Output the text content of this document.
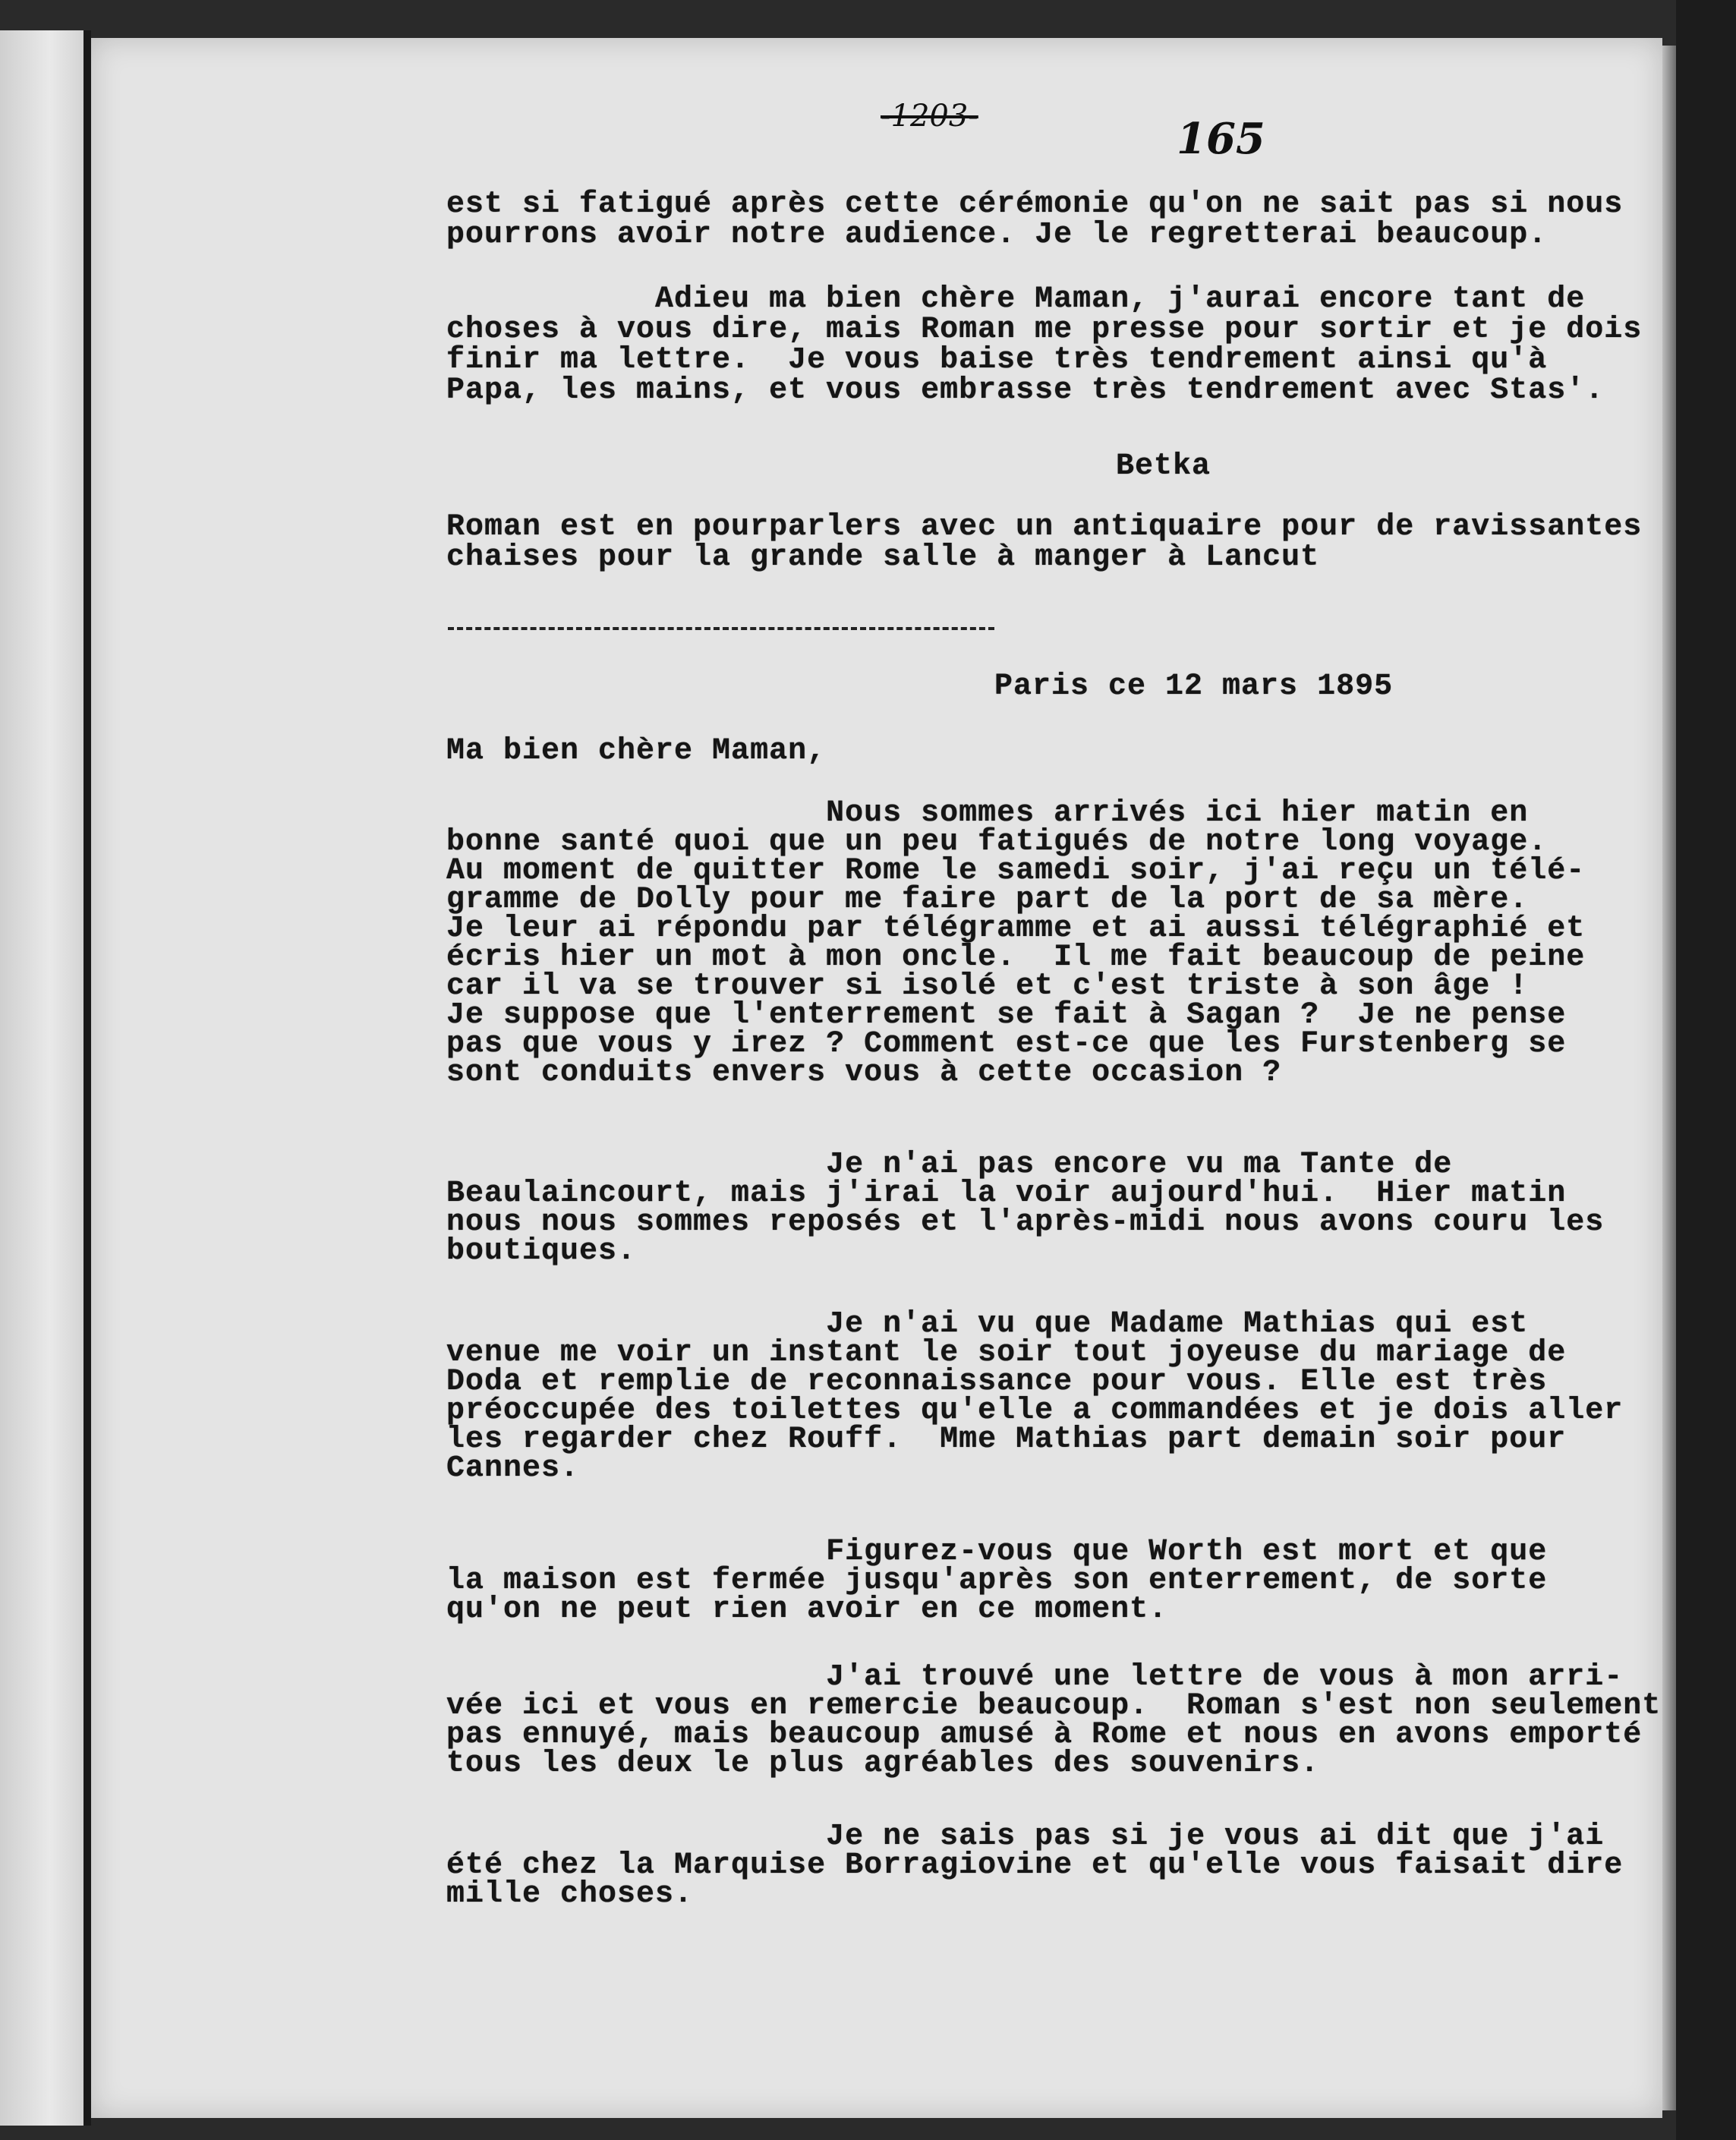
-1203-	165
est si fatigué après cette cérémonie qu'on ne sait pas si nous
pourrons avoir notre audience. Je le regretterai beaucoup.
Adieu ma bien chère Maman, j'aurai encore tant de
choses à vous dire, mais Roman me presse pour sortir et je dois
finir ma lettre.  Je vous baise très tendrement ainsi qu'à
Papa, les mains, et vous embrasse très tendrement avec Stas'.
Betka
Roman est en pourparlers avec un antiquaire pour de ravissantes
chaises pour la grande salle à manger à Lancut
Paris ce 12 mars 1895
Ma bien chère Maman,
Nous sommes arrivés ici hier matin en
bonne santé quoi que un peu fatigués de notre long voyage.
Au moment de quitter Rome le samedi soir, j'ai reçu un télé-
gramme de Dolly pour me faire part de la port de sa mère.
Je leur ai répondu par télégramme et ai aussi télégraphié et
écris hier un mot à mon oncle.  Il me fait beaucoup de peine
car il va se trouver si isolé et c'est triste à son âge !
Je suppose que l'enterrement se fait à Sagan ?  Je ne pense
pas que vous y irez ? Comment est-ce que les Furstenberg se
sont conduits envers vous à cette occasion ?
Je n'ai pas encore vu ma Tante de
Beaulaincourt, mais j'irai la voir aujourd'hui.  Hier matin
nous nous sommes reposés et l'après-midi nous avons couru les
boutiques.
Je n'ai vu que Madame Mathias qui est
venue me voir un instant le soir tout joyeuse du mariage de
Doda et remplie de reconnaissance pour vous. Elle est très
préoccupée des toilettes qu'elle a commandées et je dois aller
les regarder chez Rouff.  Mme Mathias part demain soir pour
Cannes.
Figurez-vous que Worth est mort et que
la maison est fermée jusqu'après son enterrement, de sorte
qu'on ne peut rien avoir en ce moment.
J'ai trouvé une lettre de vous à mon arri-
vée ici et vous en remercie beaucoup.  Roman s'est non seulement
pas ennuyé, mais beaucoup amusé à Rome et nous en avons emporté
tous les deux le plus agréables des souvenirs.
Je ne sais pas si je vous ai dit que j'ai
été chez la Marquise Borragiovine et qu'elle vous faisait dire
mille choses.
